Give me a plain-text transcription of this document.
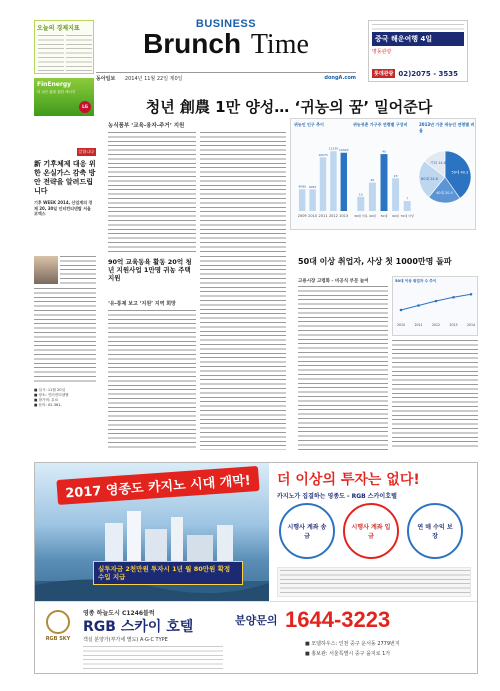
오늘의 경제지표	BUSINESS
Brunch Time
동아일보 2014년 11월 22일 제0일	dongA.com
중국 해운여행 4일
명동관광
롯데관광 02)2075 - 3535
FinEnergy
더 나은 삶을 위한 에너지
LG
알립니다
新 기후체제 대응 위한 온실가스 감축 방안 전략을 알려드립니다
기후 WEEK 2014, 산업계의 경제 20, 30일 인터컨티넨탈 서울 코엑스
■ 일시: 11월 20일
■ 장소: 인터컨티넨탈
■ 참가비: 무료
■ 문의: 02-361-
청년 創農 1만 양성… ‘귀농의 꿈’ 밀어준다
농식품부 ‘교육-융자-주거’ 지원	귀농인 인구 추이	귀농귀촌 가구주 연령별 구성비	2013년 기준 귀농인 연령별 비율
2009
4080
2010
4067
2011
10075
2012
11220
2013
10923
30대 이하
10
40대
20
50대
40
60대
23
70대 이상
7
50대 40.3
40대 20.5
60대 24.6
기타 14.6
90억 교육동육 활동 20억 청년 지원사업 1만명 귀농 주택 지원
‘유-통제 보고 ‘지원’ 지역 희망
50대 이상 취업자, 사상 첫 1000만명 돌파
고용시장 고령화 - 비공식 부문 늘어	50대 이상 취업자 수 추이
2010	2011	2012	2013	2014
2017 영종도 카지노 시대 개막!
실투자금 2천만원 투자시 1년 월 80만원 확정 수입 지급
더 이상의 투자는 없다!
카지노가 집결하는 영종도 - RGB 스카이호텔
시행사 계좌 송금
시행사 계좌 입금
연 매 수익 보장
RGB SKY
영종 하늘도시 C1246블럭
RGB 스카이 호텔
객실 분양가(부가세 별도) A·G·C TYPE
분양문의 1644-3223
■ 모델하우스: 인천 중구 운서동 2779번지
■ 홍보관: 서울특별시 중구 을지로 1가
